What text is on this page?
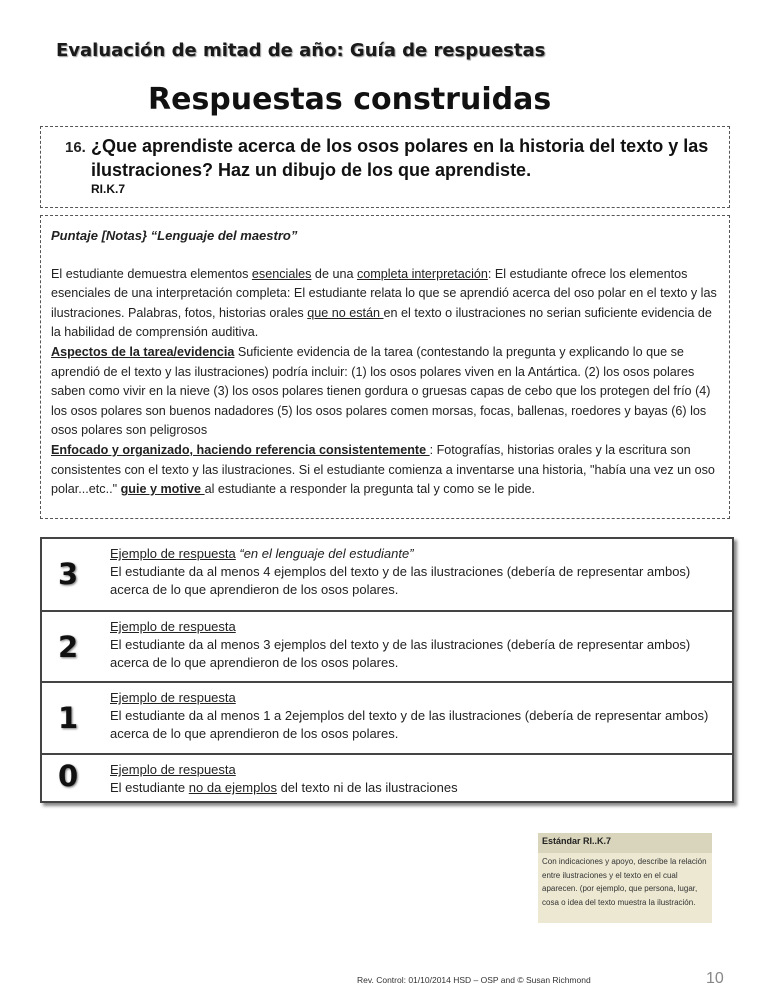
Evaluación de mitad de año: Guía de respuestas
Respuestas construidas
16. ¿Que aprendiste acerca de los osos polares en la historia del texto y las ilustraciones? Haz un dibujo de los que aprendiste.
RI.K.7
Puntaje [Notas} “Lenguaje del maestro”
El estudiante demuestra elementos esenciales de una completa interpretación: El estudiante ofrece los elementos esenciales de una interpretación completa: El estudiante relata lo que se aprendió acerca del oso polar en el texto y las ilustraciones. Palabras, fotos, historias orales que no están en el texto o ilustraciones no serian suficiente evidencia de la habilidad de comprensión auditiva.
Aspectos de la tarea/evidencia Suficiente evidencia de la tarea (contestando la pregunta y explicando lo que se aprendió de el texto y las ilustraciones) podría incluir: (1) los osos polares viven en la Antártica. (2) los osos polares saben como vivir en la nieve (3) los osos polares tienen gordura o gruesas capas de cebo que los protegen del frío (4) los osos polares son buenos nadadores (5) los osos polares comen morsas, focas, ballenas, roedores y bayas (6) los osos polares son peligrosos
Enfocado y organizado, haciendo referencia consistentemente : Fotografías, historias orales y la escritura son consistentes con el texto y las ilustraciones. Si el estudiante comienza a inventarse una historia, "había una vez un oso polar...etc.." guie y motive al estudiante a responder la pregunta tal y como se le pide.
3
Ejemplo de respuesta “en el lenguaje del estudiante”
El estudiante da al menos 4 ejemplos del texto y de las ilustraciones (debería de representar ambos) acerca de lo que aprendieron de los osos polares.
2
Ejemplo de respuesta
El estudiante da al menos 3 ejemplos del texto y de las ilustraciones (debería de representar ambos) acerca de lo que aprendieron de los osos polares.
1
Ejemplo de respuesta
El estudiante da al menos 1 a 2ejemplos del texto y de las ilustraciones (debería de representar ambos) acerca de lo que aprendieron de los osos polares.
0	Ejemplo de respuesta
El estudiante no da ejemplos del texto ni de las ilustraciones
Estándar RI..K.7
Con indicaciones y apoyo, describe la relación entre ilustraciones y el texto en el cual aparecen. (por ejemplo, que persona, lugar, cosa o idea del texto muestra la ilustración.
Rev. Control: 01/10/2014 HSD – OSP and © Susan Richmond	10
